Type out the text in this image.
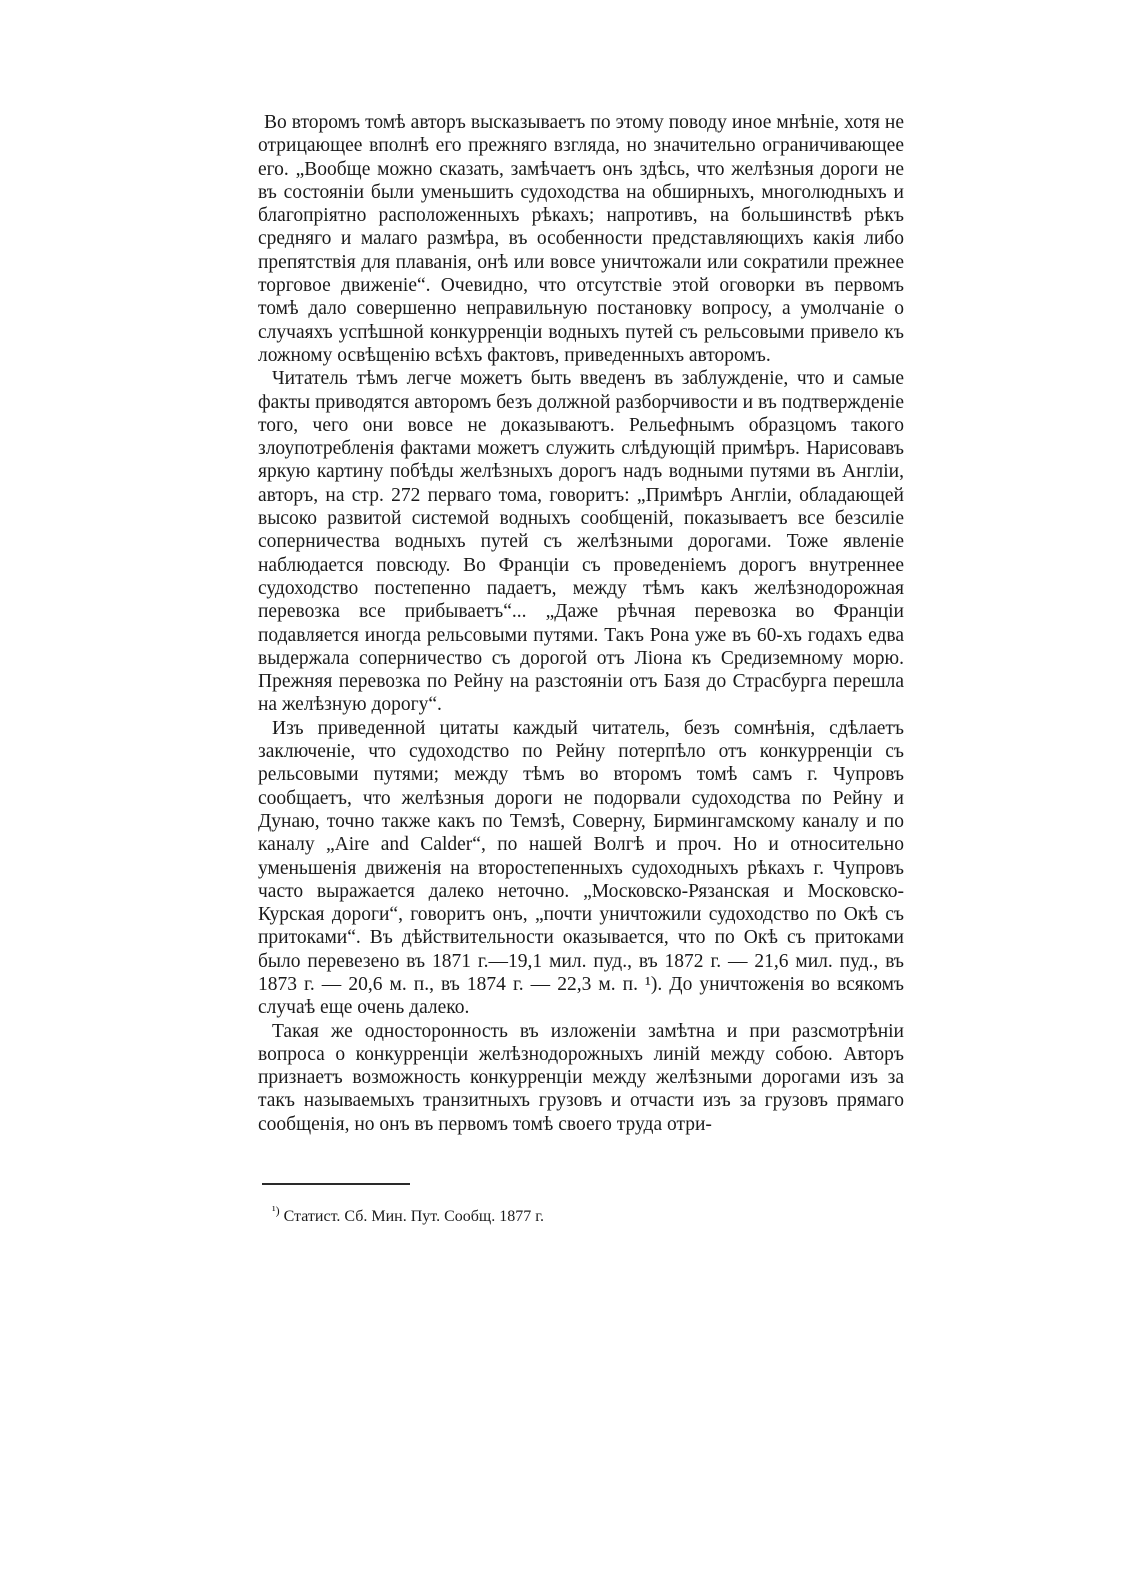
Во второмъ томѣ авторъ высказываетъ по этому поводу иное мнѣніе, хотя не отрицающее вполнѣ его прежняго взгляда, но значительно ограничивающее его. „Вообще можно сказать, замѣчаетъ онъ здѣсь, что желѣзныя дороги не въ состояніи были уменьшить судоходства на обширныхъ, многолюдныхъ и благопріятно расположенныхъ рѣкахъ; напротивъ, на большинствѣ рѣкъ средняго и малаго размѣра, въ особенности представляющихъ какія либо препятствія для плаванія, онѣ или вовсе уничтожали или сократили прежнее торговое движеніе“. Очевидно, что отсутствіе этой оговорки въ первомъ томѣ дало совершенно неправильную постановку вопросу, а умолчаніе о случаяхъ успѣшной конкурренціи водныхъ путей съ рельсовыми привело къ ложному освѣщенію всѣхъ фактовъ, приведенныхъ авторомъ.

Читатель тѣмъ легче можетъ быть введенъ въ заблужденіе, что и самые факты приводятся авторомъ безъ должной разборчивости и въ подтвержденіе того, чего они вовсе не доказываютъ. Рельефнымъ образцомъ такого злоупотребленія фактами можетъ служить слѣдующій примѣръ. Нарисовавъ яркую картину побѣды желѣзныхъ дорогъ надъ водными путями въ Англіи, авторъ, на стр. 272 перваго тома, говоритъ: „Примѣръ Англіи, обладающей высоко развитой системой водныхъ сообщеній, показываетъ все безсиліе соперничества водныхъ путей съ желѣзными дорогами. Тоже явленіе наблюдается повсюду. Во Франціи съ проведеніемъ дорогъ внутреннее судоходство постепенно падаетъ, между тѣмъ какъ желѣзнодорожная перевозка все прибываетъ“... „Даже рѣчная перевозка во Франціи подавляется иногда рельсовыми путями. Такъ Рона уже въ 60-хъ годахъ едва выдержала соперничество съ дорогой отъ Ліона къ Средиземному морю. Прежняя перевозка по Рейну на разстояніи отъ Базя до Страсбурга перешла на желѣзную дорогу“.

Изъ приведенной цитаты каждый читатель, безъ сомнѣнія, сдѣлаетъ заключеніе, что судоходство по Рейну потерпѣло отъ конкурренціи съ рельсовыми путями; между тѣмъ во второмъ томѣ самъ г. Чупровъ сообщаетъ, что желѣзныя дороги не подорвали судоходства по Рейну и Дунаю, точно также какъ по Темзѣ, Соверну, Бирмингамскому каналу и по каналу „Aire and Calder“, по нашей Волгѣ и проч. Но и относительно уменьшенія движенія на второстепенныхъ судоходныхъ рѣкахъ г. Чупровъ часто выражается далеко неточно. „Московско-Рязанская и Московско-Курская дороги“, говоритъ онъ, „почти уничтожили судоходство по Окѣ съ притоками“. Въ дѣйствительности оказывается, что по Окѣ съ притоками было перевезено въ 1871 г.—19,1 мил. пуд., въ 1872 г. — 21,6 мил. пуд., въ 1873 г. — 20,6 м. п., въ 1874 г. — 22,3 м. п. ¹). До уничтоженія во всякомъ случаѣ еще очень далеко.

Такая же односторонность въ изложеніи замѣтна и при разсмотрѣніи вопроса о конкурренціи желѣзнодорожныхъ линій между собою. Авторъ признаетъ возможность конкурренціи между желѣзными дорогами изъ за такъ называемыхъ транзитныхъ грузовъ и отчасти изъ за грузовъ прямаго сообщенія, но онъ въ первомъ томѣ своего труда отри-

$^{^1)}$ Статист. Сб. Мин. Пут. Сообщ. 1877 г.
